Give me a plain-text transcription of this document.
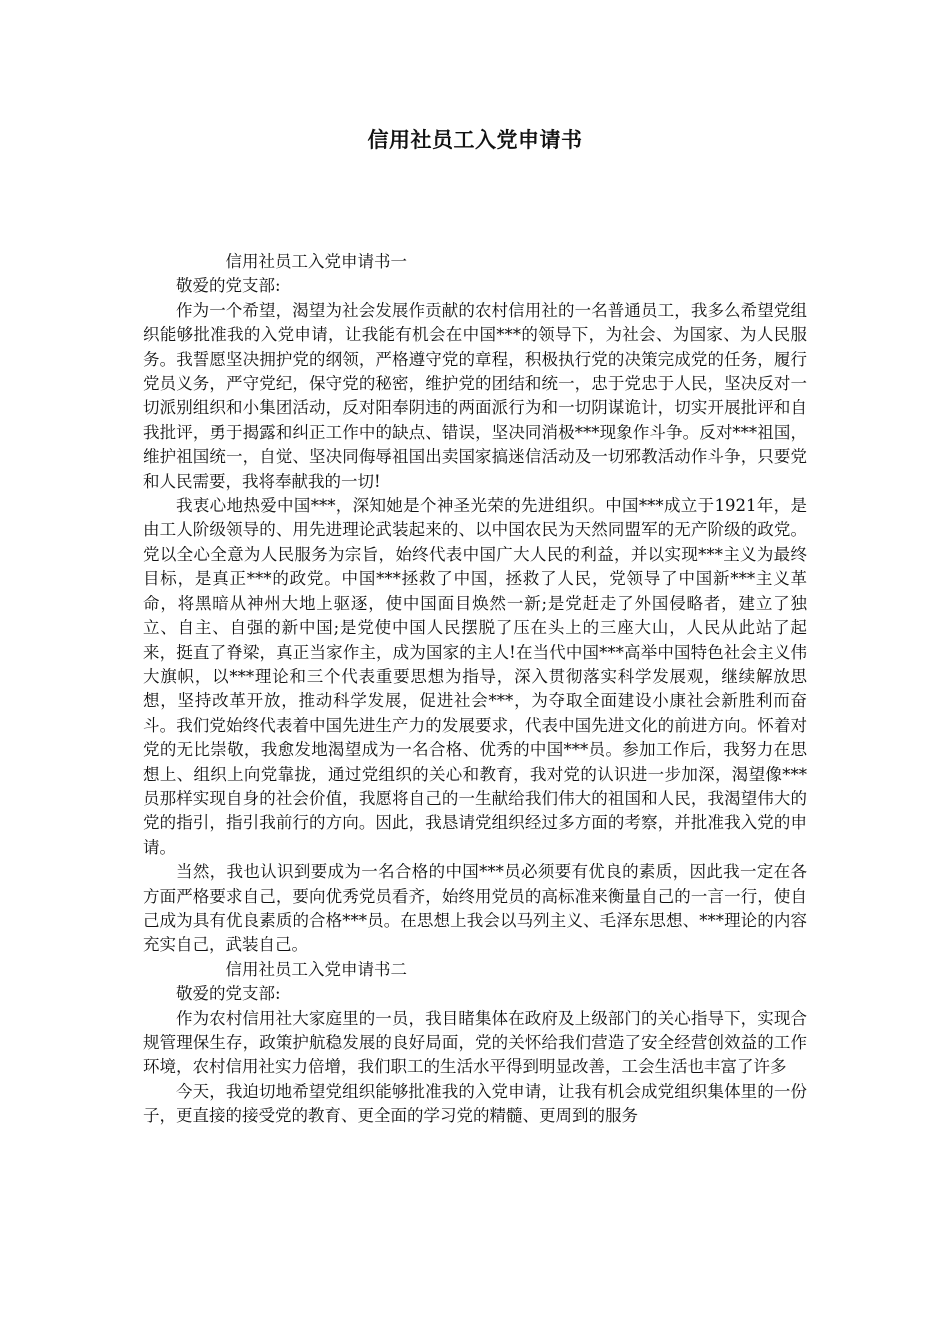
信用社员工入党申请书

信用社员工入党申请书一

敬爱的党支部:

作为一个希望，渴望为社会发展作贡献的农村信用社的一名普通员工，我多么希望党组织能够批准我的入党申请，让我能有机会在中国***的领导下，为社会、为国家、为人民服务。我誓愿坚决拥护党的纲领，严格遵守党的章程，积极执行党的决策完成党的任务，履行党员义务，严守党纪，保守党的秘密，维护党的团结和统一，忠于党忠于人民，坚决反对一切派别组织和小集团活动，反对阳奉阴违的两面派行为和一切阴谋诡计，切实开展批评和自我批评，勇于揭露和纠正工作中的缺点、错误，坚决同消极***现象作斗争。反对***祖国，维护祖国统一，自觉、坚决同侮辱祖国出卖国家搞迷信活动及一切邪教活动作斗争，只要党和人民需要，我将奉献我的一切!

我衷心地热爱中国***，深知她是个神圣光荣的先进组织。中国***成立于1921年，是由工人阶级领导的、用先进理论武装起来的、以中国农民为天然同盟军的无产阶级的政党。党以全心全意为人民服务为宗旨，始终代表中国广大人民的利益，并以实现***主义为最终目标，是真正***的政党。中国***拯救了中国，拯救了人民，党领导了中国新***主义革命，将黑暗从神州大地上驱逐，使中国面目焕然一新;是党赶走了外国侵略者，建立了独立、自主、自强的新中国;是党使中国人民摆脱了压在头上的三座大山，人民从此站了起来，挺直了脊梁，真正当家作主，成为国家的主人!在当代中国***高举中国特色社会主义伟大旗帜，以***理论和三个代表重要思想为指导，深入贯彻落实科学发展观，继续解放思想，坚持改革开放，推动科学发展，促进社会***，为夺取全面建设小康社会新胜利而奋斗。我们党始终代表着中国先进生产力的发展要求，代表中国先进文化的前进方向。怀着对党的无比崇敬，我愈发地渴望成为一名合格、优秀的中国***员。参加工作后，我努力在思想上、组织上向党靠拢，通过党组织的关心和教育，我对党的认识进一步加深，渴望像***员那样实现自身的社会价值，我愿将自己的一生献给我们伟大的祖国和人民，我渴望伟大的党的指引，指引我前行的方向。因此，我恳请党组织经过多方面的考察，并批准我入党的申请。

当然，我也认识到要成为一名合格的中国***员必须要有优良的素质，因此我一定在各方面严格要求自己，要向优秀党员看齐，始终用党员的高标准来衡量自己的一言一行，使自己成为具有优良素质的合格***员。在思想上我会以马列主义、毛泽东思想、***理论的内容充实自己，武装自己。

信用社员工入党申请书二

敬爱的党支部:

作为农村信用社大家庭里的一员，我目睹集体在政府及上级部门的关心指导下，实现合规管理保生存，政策护航稳发展的良好局面，党的关怀给我们营造了安全经营创效益的工作环境，农村信用社实力倍增，我们职工的生活水平得到明显改善，工会生活也丰富了许多

今天，我迫切地希望党组织能够批准我的入党申请，让我有机会成党组织集体里的一份子，更直接的接受党的教育、更全面的学习党的精髓、更周到的服务
